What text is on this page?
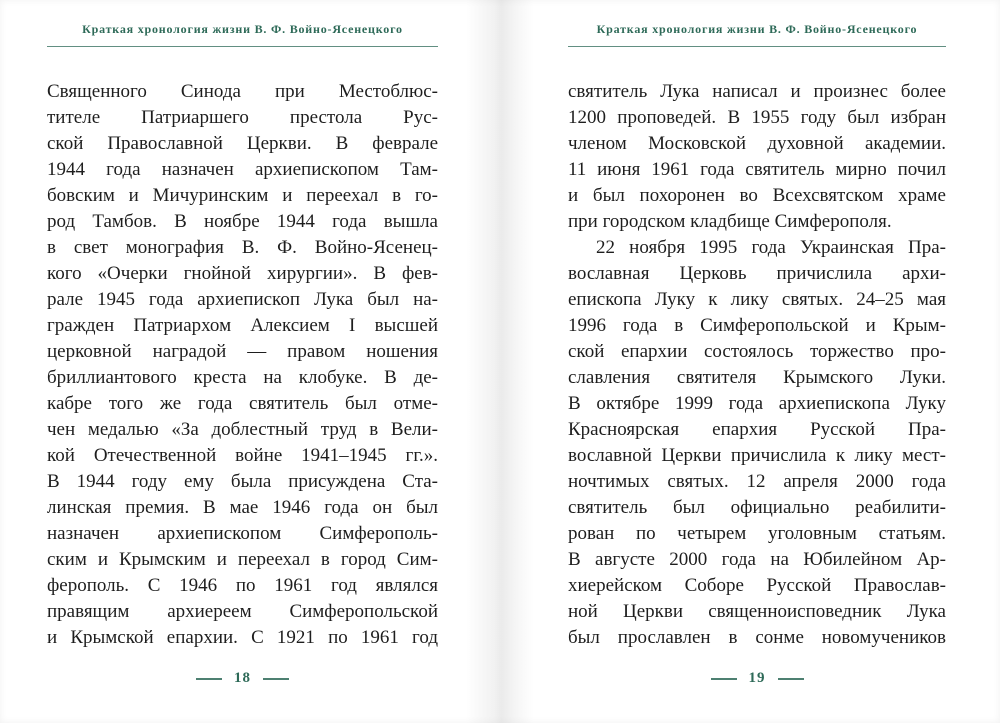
Краткая хронология жизни В. Ф. Войно-Ясенецкого
Священного Синода при Местоблюс-
тителе Патриаршего престола Рус-
ской Православной Церкви. В феврале
1944 года назначен архиепископом Там-
бовским и Мичуринским и переехал в го-
род Тамбов. В ноябре 1944 года вышла
в свет монография В. Ф. Войно-Ясенец-
кого «Очерки гнойной хирургии». В фев-
рале 1945 года архиепископ Лука был на-
гражден Патриархом Алексием I высшей
церковной наградой — правом ношения
бриллиантового креста на клобуке. В де-
кабре того же года святитель был отме-
чен медалью «За доблестный труд в Вели-
кой Отечественной войне 1941–1945 гг.».
В 1944 году ему была присуждена Ста-
линская премия. В мае 1946 года он был
назначен архиепископом Симферополь-
ским и Крымским и переехал в город Сим-
ферополь. С 1946 по 1961 год являлся
правящим архиереем Симферопольской
и Крымской епархии. С 1921 по 1961 год
18
Краткая хронология жизни В. Ф. Войно-Ясенецкого
святитель Лука написал и произнес более
1200 проповедей. В 1955 году был избран
членом Московской духовной академии.
11 июня 1961 года святитель мирно почил
и был похоронен во Всехсвятском храме
при городском кладбище Симферополя.
22 ноября 1995 года Украинская Пра-
вославная Церковь причислила архи-
епископа Луку к лику святых. 24–25 мая
1996 года в Симферопольской и Крым-
ской епархии состоялось торжество про-
славления святителя Крымского Луки.
В октябре 1999 года архиепископа Луку
Красноярская епархия Русской Пра-
вославной Церкви причислила к лику мест-
ночтимых святых. 12 апреля 2000 года
святитель был официально реабилити-
рован по четырем уголовным статьям.
В августе 2000 года на Юбилейном Ар-
хиерейском Соборе Русской Православ-
ной Церкви священноисповедник Лука
был прославлен в сонме новомучеников
19
